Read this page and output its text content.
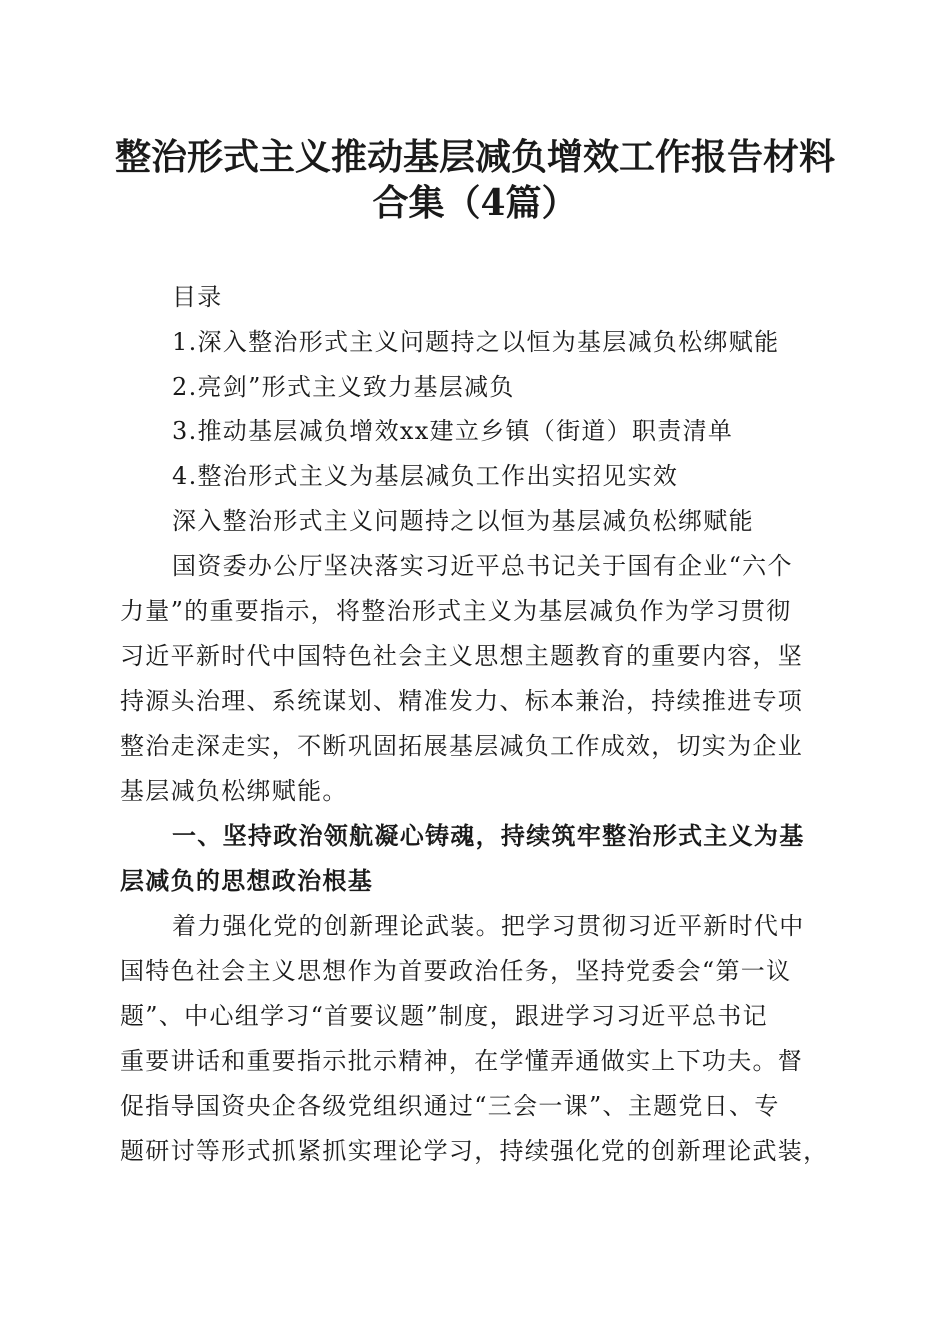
整治形式主义推动基层减负增效工作报告材料
合集（4篇）
目录
1.深入整治形式主义问题持之以恒为基层减负松绑赋能
2.亮剑”形式主义致力基层减负
3.推动基层减负增效xx建立乡镇（街道）职责清单
4.整治形式主义为基层减负工作出实招见实效
深入整治形式主义问题持之以恒为基层减负松绑赋能
国资委办公厅坚决落实习近平总书记关于国有企业“六个
力量”的重要指示，将整治形式主义为基层减负作为学习贯彻
习近平新时代中国特色社会主义思想主题教育的重要内容，坚
持源头治理、系统谋划、精准发力、标本兼治，持续推进专项
整治走深走实，不断巩固拓展基层减负工作成效，切实为企业
基层减负松绑赋能。
一、坚持政治领航凝心铸魂，持续筑牢整治形式主义为基
层减负的思想政治根基
着力强化党的创新理论武装。把学习贯彻习近平新时代中
国特色社会主义思想作为首要政治任务，坚持党委会“第一议
题”、中心组学习“首要议题”制度，跟进学习习近平总书记
重要讲话和重要指示批示精神，在学懂弄通做实上下功夫。督
促指导国资央企各级党组织通过“三会一课”、主题党日、专
题研讨等形式抓紧抓实理论学习，持续强化党的创新理论武装，
